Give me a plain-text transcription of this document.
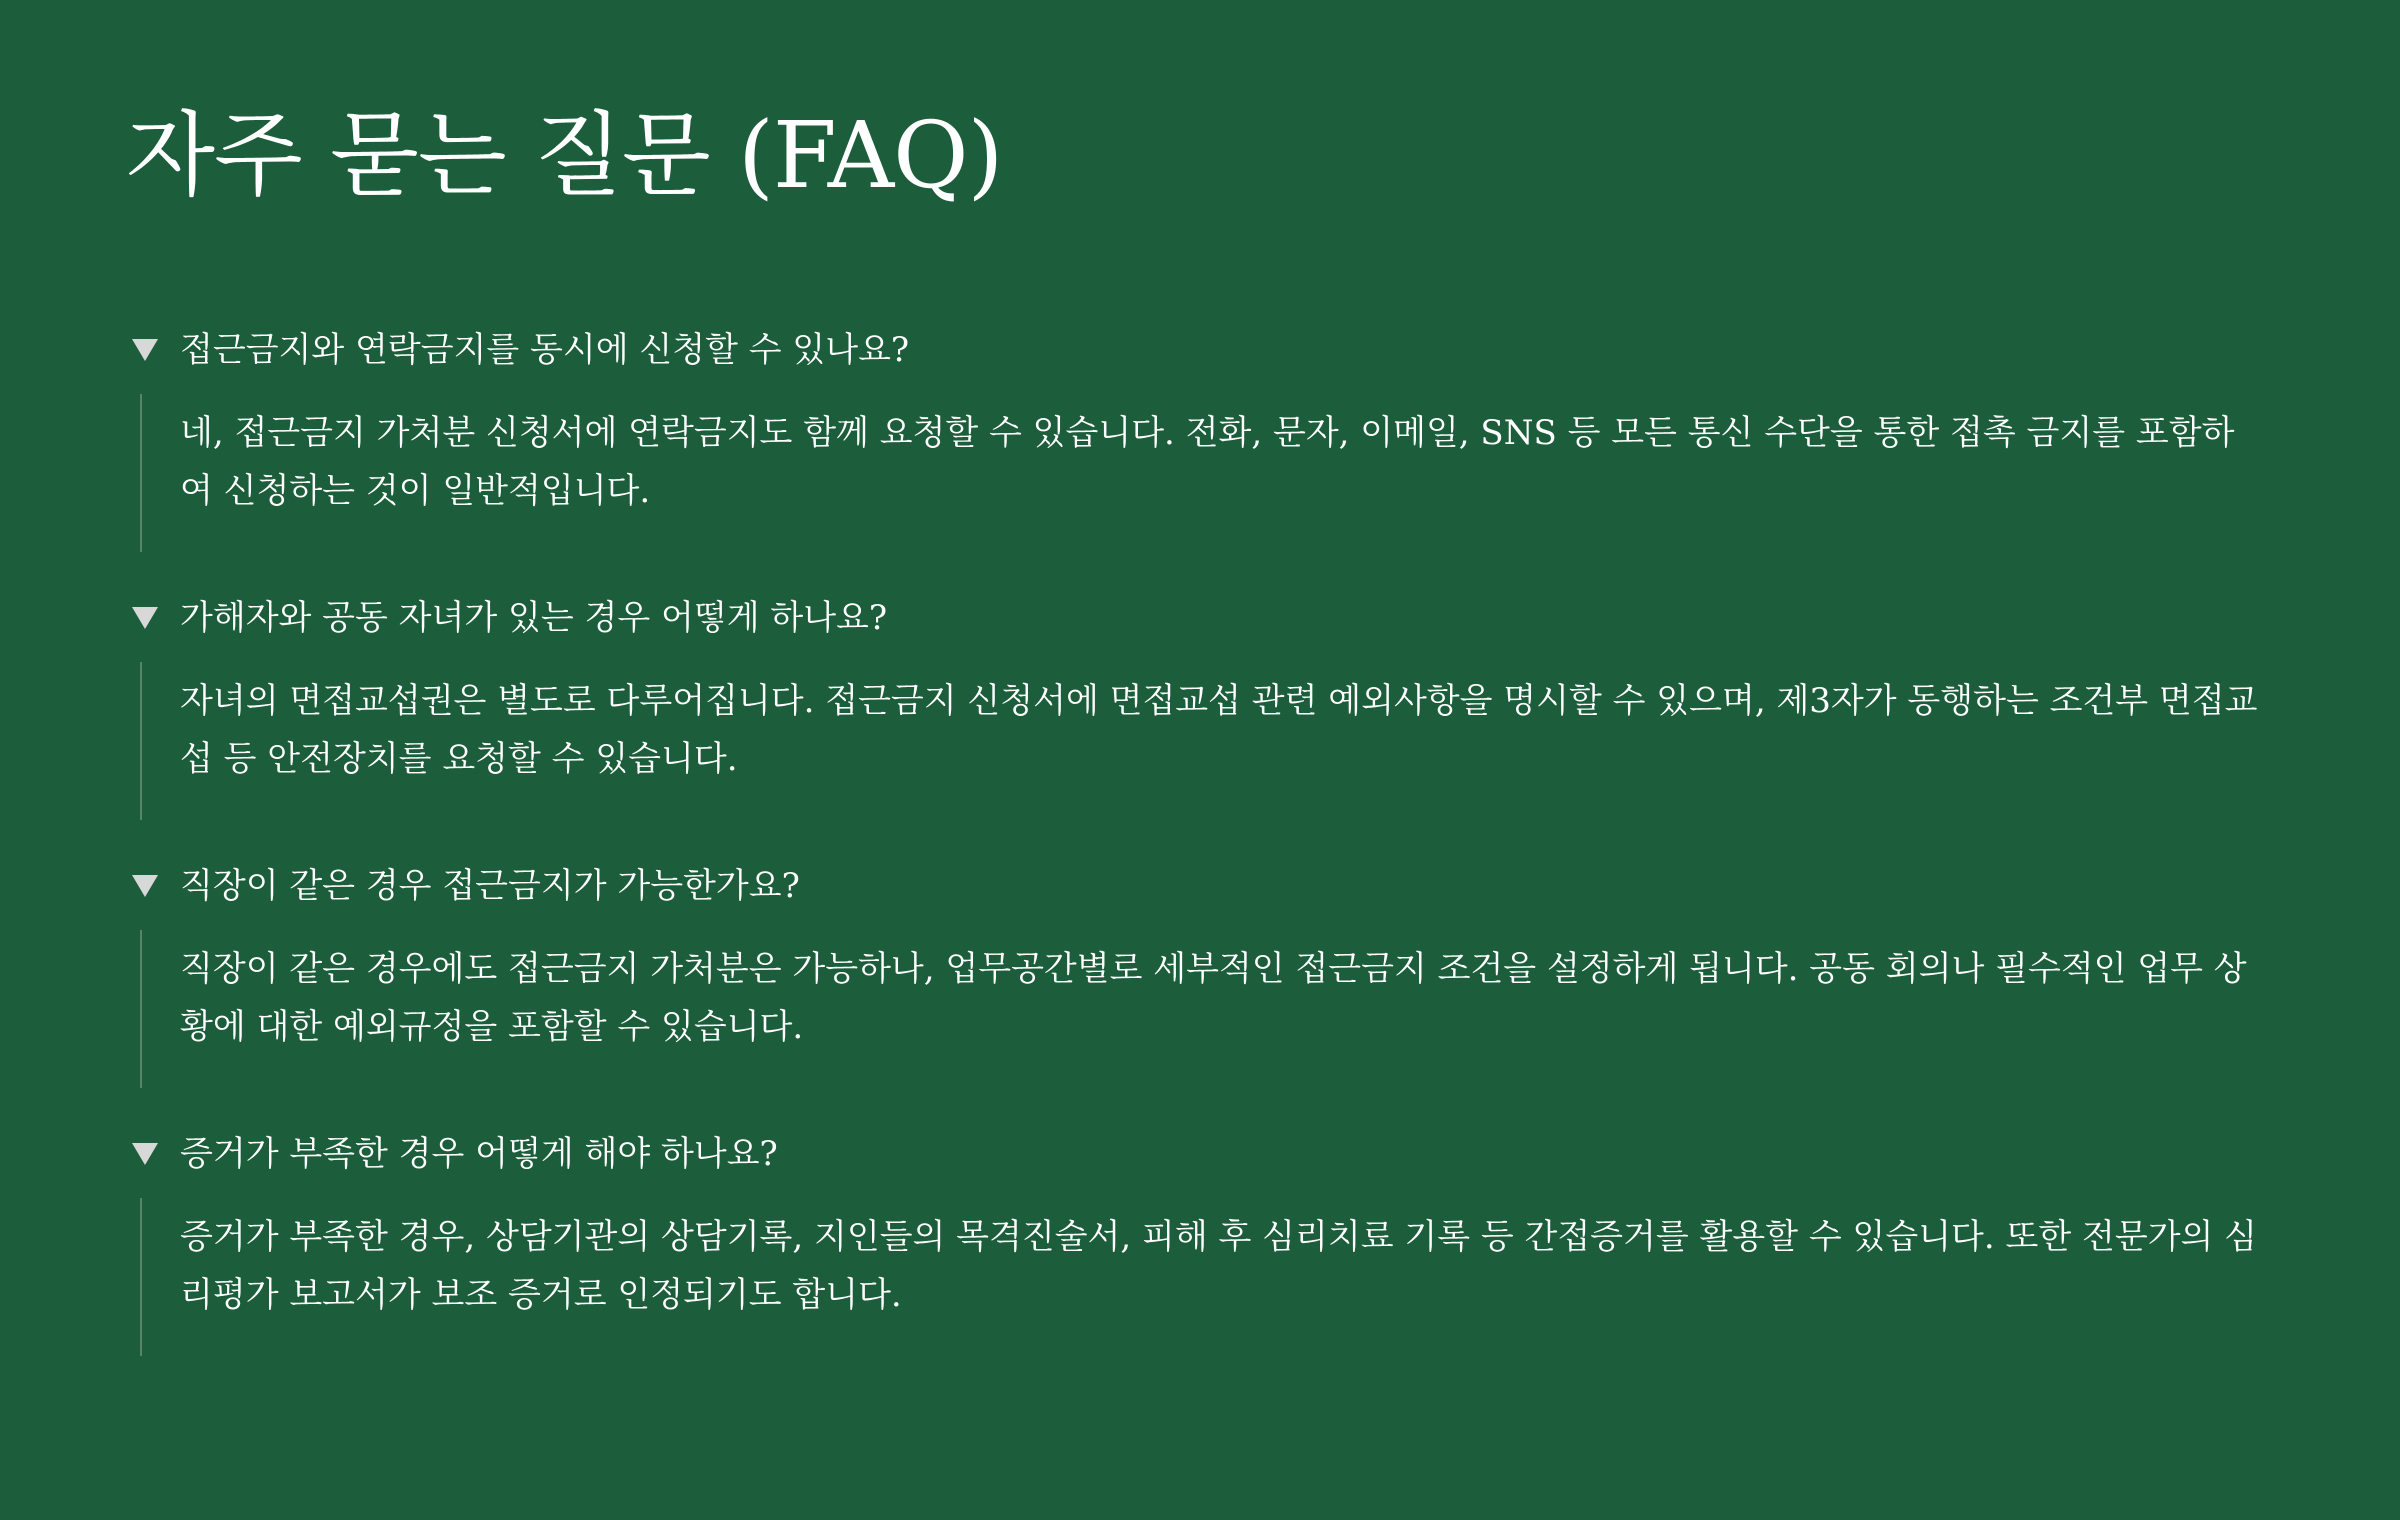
자주 묻는 질문 (FAQ)
접근금지와 연락금지를 동시에 신청할 수 있나요?

네, 접근금지 가처분 신청서에 연락금지도 함께 요청할 수 있습니다. 전화, 문자, 이메일, SNS 등 모든 통신 수단을 통한 접촉 금지를 포함하여 신청하는 것이 일반적입니다.

가해자와 공동 자녀가 있는 경우 어떻게 하나요?

자녀의 면접교섭권은 별도로 다루어집니다. 접근금지 신청서에 면접교섭 관련 예외사항을 명시할 수 있으며, 제3자가 동행하는 조건부 면접교섭 등 안전장치를 요청할 수 있습니다.

직장이 같은 경우 접근금지가 가능한가요?

직장이 같은 경우에도 접근금지 가처분은 가능하나, 업무공간별로 세부적인 접근금지 조건을 설정하게 됩니다. 공동 회의나 필수적인 업무 상황에 대한 예외규정을 포함할 수 있습니다.

증거가 부족한 경우 어떻게 해야 하나요?

증거가 부족한 경우, 상담기관의 상담기록, 지인들의 목격진술서, 피해 후 심리치료 기록 등 간접증거를 활용할 수 있습니다. 또한 전문가의 심리평가 보고서가 보조 증거로 인정되기도 합니다.
